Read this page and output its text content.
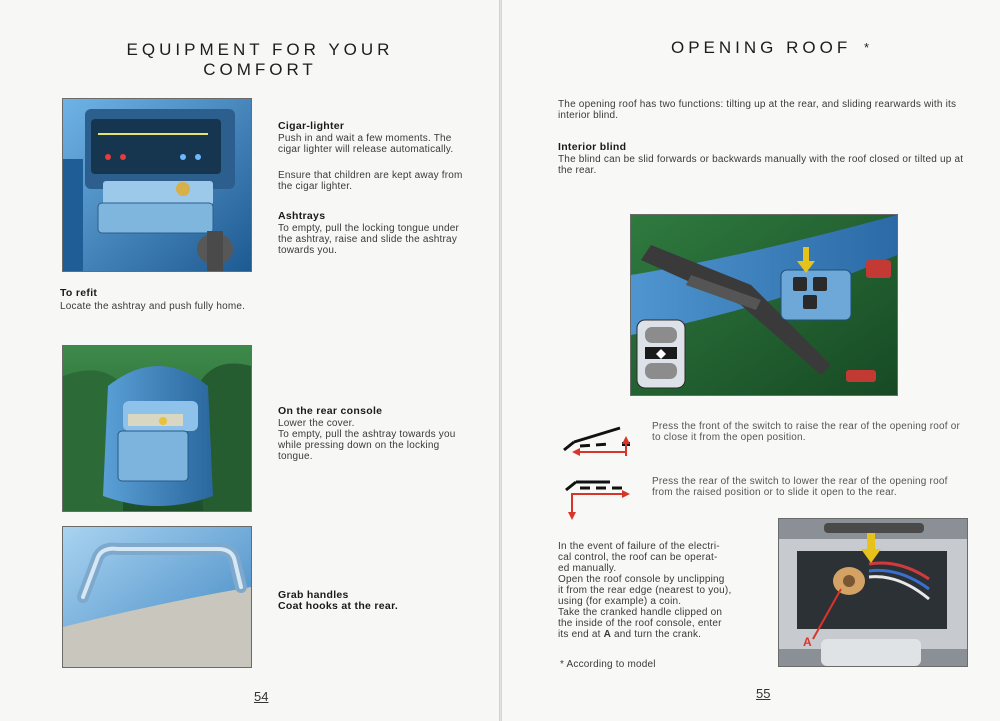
EQUIPMENT FOR YOUR
COMFORT
Cigar-lighter
Push in and wait a few moments. The cigar lighter will release automatically.
Ensure that children are kept away from the cigar lighter.
Ashtrays
To empty, pull the locking tongue under the ashtray, raise and slide the ashtray towards you.
To refit
Locate the ashtray and push fully home.
On the rear console
Lower the cover.
To empty, pull the ashtray towards you while pressing down on the locking tongue.
Grab handles
Coat hooks at the rear.
54
OPENING ROOF *
The opening roof has two functions: tilting up at the rear, and sliding rearwards with its interior blind.
Interior blind
The blind can be slid forwards or backwards manually with the roof closed or tilted up at the rear.
Press the front of the switch to raise the rear of the opening roof or to close it from the open position.
Press the rear of the switch to lower the rear of the opening roof from the raised position or to slide it open to the rear.
In the event of failure of the electri-
cal control, the roof can be operat-
ed manually.
Open the roof console by unclipping
it from the rear edge (nearest to you),
using (for example) a coin.
Take the cranked handle clipped on
the inside of the roof console, enter
its end at A and turn the crank.
* According to model
A
55
